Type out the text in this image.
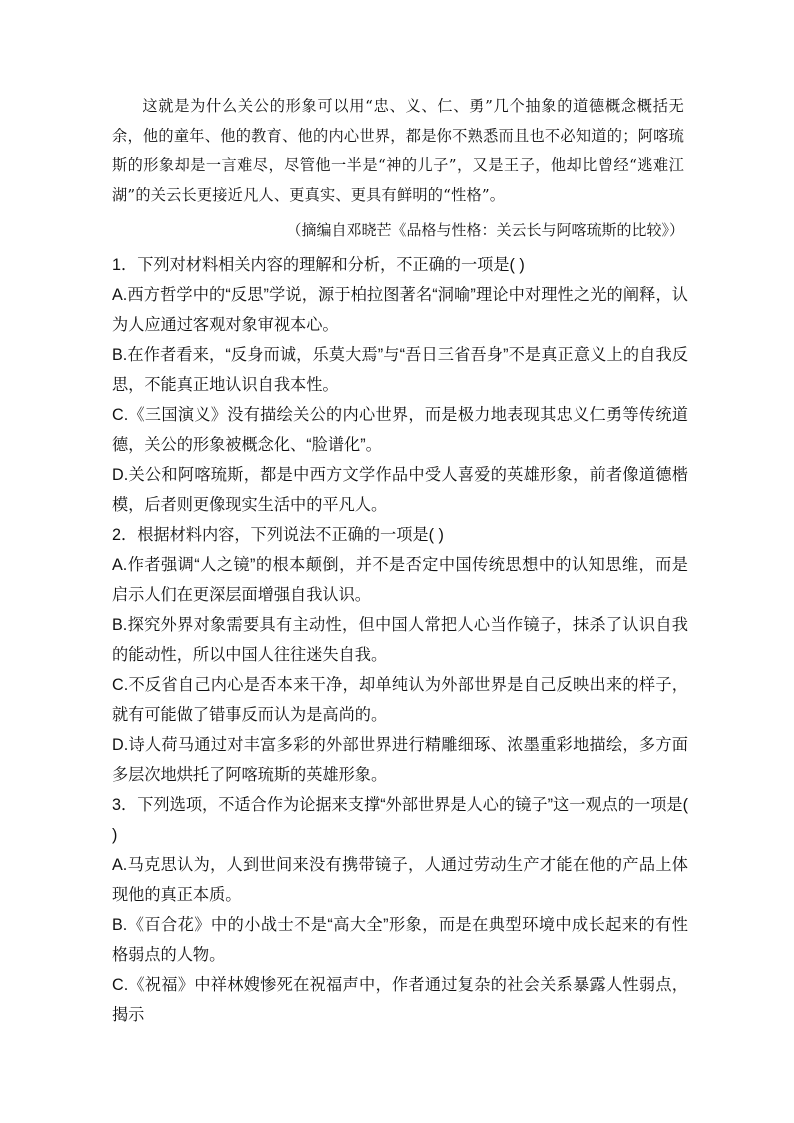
这就是为什么关公的形象可以用“忠、义、仁、勇”几个抽象的道德概念概括无余，他的童年、他的教育、他的内心世界，都是你不熟悉而且也不必知道的；阿喀琉斯的形象却是一言难尽，尽管他一半是“神的儿子”，又是王子，他却比曾经“逃难江湖”的关云长更接近凡人、更真实、更具有鲜明的“性格”。

（摘编自邓晓芒《品格与性格：关云长与阿喀琉斯的比较》）

1．下列对材料相关内容的理解和分析，不正确的一项是( )

A.西方哲学中的“反思”学说，源于柏拉图著名“洞喻”理论中对理性之光的阐释，认为人应通过客观对象审视本心。

B.在作者看来，“反身而诚，乐莫大焉”与“吾日三省吾身”不是真正意义上的自我反思，不能真正地认识自我本性。

C.《三国演义》没有描绘关公的内心世界，而是极力地表现其忠义仁勇等传统道德，关公的形象被概念化、“脸谱化”。

D.关公和阿喀琉斯，都是中西方文学作品中受人喜爱的英雄形象，前者像道德楷模，后者则更像现实生活中的平凡人。

2．根据材料内容，下列说法不正确的一项是( )

A.作者强调“人之镜”的根本颠倒，并不是否定中国传统思想中的认知思维，而是启示人们在更深层面增强自我认识。

B.探究外界对象需要具有主动性，但中国人常把人心当作镜子，抹杀了认识自我的能动性，所以中国人往往迷失自我。

C.不反省自己内心是否本来干净，却单纯认为外部世界是自己反映出来的样子，就有可能做了错事反而认为是高尚的。

D.诗人荷马通过对丰富多彩的外部世界进行精雕细琢、浓墨重彩地描绘，多方面多层次地烘托了阿喀琉斯的英雄形象。

3．下列选项，不适合作为论据来支撑“外部世界是人心的镜子”这一观点的一项是( )

A.马克思认为，人到世间来没有携带镜子，人通过劳动生产才能在他的产品上体现他的真正本质。

B.《百合花》中的小战士不是“高大全”形象，而是在典型环境中成长起来的有性格弱点的人物。

C.《祝福》中祥林嫂惨死在祝福声中，作者通过复杂的社会关系暴露人性弱点，揭示
